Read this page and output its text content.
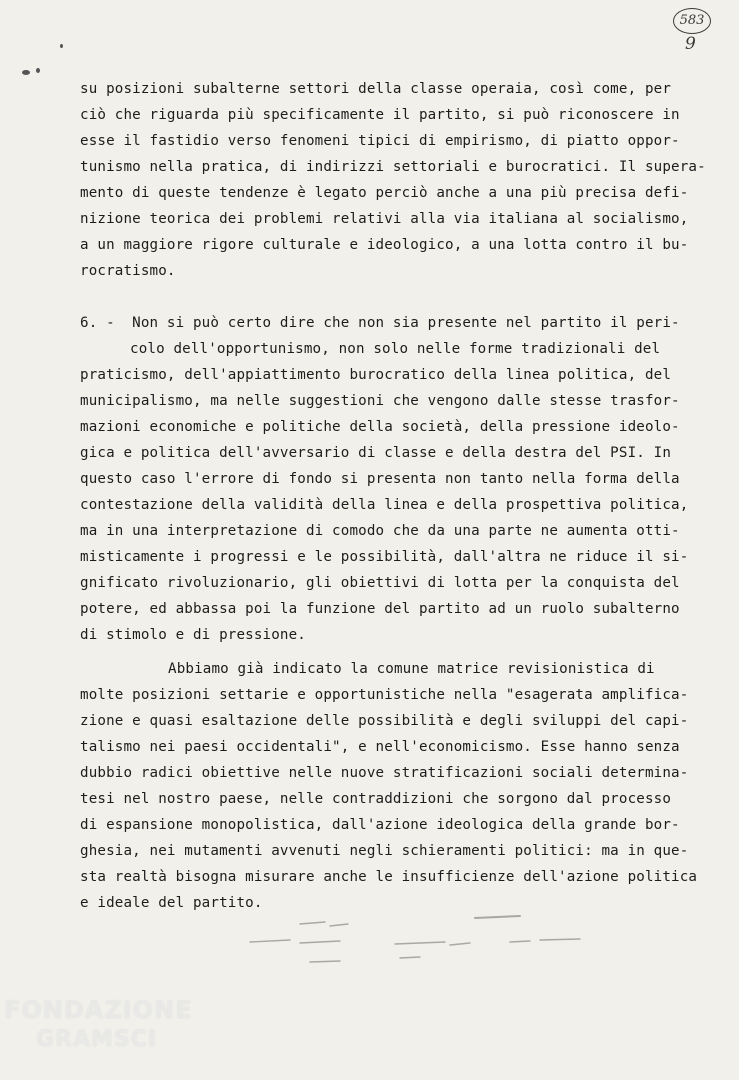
583
9
su posizioni subalterne settori della classe operaia, così come, per
ciò che riguarda più specificamente il partito, si può riconoscere in
esse il fastidio verso fenomeni tipici di empirismo, di piatto oppor-
tunismo nella pratica, di indirizzi settoriali e burocratici. Il supera-
mento di queste tendenze è legato perciò anche a una più precisa defi-
nizione teorica dei problemi relativi alla via italiana al socialismo,
a un maggiore rigore culturale e ideologico, a una lotta contro il bu-
rocratismo.
6. -  Non si può certo dire che non sia presente nel partito il peri-
colo dell'opportunismo, non solo nelle forme tradizionali del
praticismo, dell'appiattimento burocratico della linea politica, del
municipalismo, ma nelle suggestioni che vengono dalle stesse trasfor-
mazioni economiche e politiche della società, della pressione ideolo-
gica e politica dell'avversario di classe e della destra del PSI. In
questo caso l'errore di fondo si presenta non tanto nella forma della
contestazione della validità della linea e della prospettiva politica,
ma in una interpretazione di comodo che da una parte ne aumenta otti-
misticamente i progressi e le possibilità, dall'altra ne riduce il si-
gnificato rivoluzionario, gli obiettivi di lotta per la conquista del
potere, ed abbassa poi la funzione del partito ad un ruolo subalterno
di stimolo e di pressione.
Abbiamo già indicato la comune matrice revisionistica di
molte posizioni settarie e opportunistiche nella "esagerata amplifica-
zione e quasi esaltazione delle possibilità e degli sviluppi del capi-
talismo nei paesi occidentali", e nell'economicismo. Esse hanno senza
dubbio radici obiettive nelle nuove stratificazioni sociali determina-
tesi nel nostro paese, nelle contraddizioni che sorgono dal processo
di espansione monopolistica, dall'azione ideologica della grande bor-
ghesia, nei mutamenti avvenuti negli schieramenti politici: ma in que-
sta realtà bisogna misurare anche le insufficienze dell'azione politica
e ideale del partito.
FONDAZIONE
GRAMSCI
